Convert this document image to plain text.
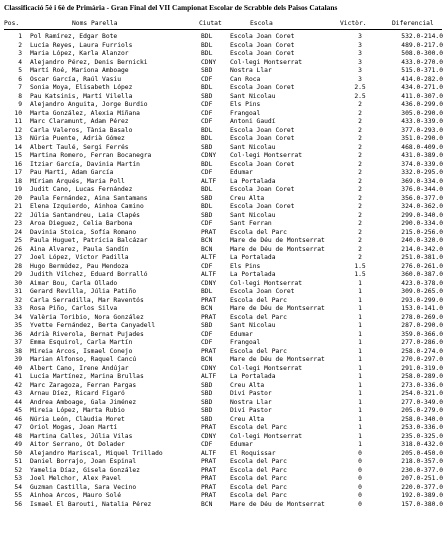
Classificació 5è i 6è de Primària - Gran Final del VII Campionat Escolar de Scrabble dels Països Catalans
Pos.	Noms Parella	Ciutat	Escola	Victòr.	Diferencial
1 Pol Ramírez, Edgar Bote	BDL	Escola Joan Coret	3	532.0-214.0
2 Lucía Reyes, Laura Furriols	BDL	Escola Joan Coret	3	489.0-217.0
3 Maria López, Karla Alanzor	BDL	Escola Joan Coret	3	508.0-300.0
4 Alejandro Pérez, Denis Bernicki	CDNY	Col·legi Montserrat	3	433.0-270.0
5 Martí Roé, Mariona Amboage	SBD	Nostra Llar	3	515.0-371.0
6 Òscar García, Raúl Vasiu	CDF	Can Roca	3	414.0-282.0
7 Sonia Moya, Elisabeth López	BDL	Escola Joan Coret	2.5	434.0-271.0
8 Pau Katsinis, Martí Vilella	SBD	Sant Nicolau	2.5	411.0-307.0
9 Alejandro Anguita, Jorge Burdio	CDF	Els Pins	2	436.0-299.0
10 Marta González, Alexia Miñana	CDF	Frangoal	2	305.0-290.0
11 Marc Claramunt, Adam Pérez	CDF	Antoni Gaudí	2	433.0-339.0
12 Carla Valeros, Tània Basalo	BDL	Escola Joan Coret	2	377.0-293.0
13 Núria Puente, Adrià Gómez	BDL	Escola Joan Coret	2	351.0-290.0
14 Albert Taulé, Sergi Ferrés	SBD	Sant Nicolau	2	468.0-409.0
15 Martina Romero, Ferran Bocanegra	CDNY	Col·legi Montserrat	2	431.0-389.0
16 Itziar García, Davinia Martín	BDL	Escola Joan Coret	2	374.0-339.0
17 Pau Martí, Adam García	CDF	Edumar	2	332.0-295.0
18 Míriam Arqués, Maria Poll	ALTF	La Portalada	2	369.0-334.0
19 Judit Cano, Lucas Fernández	BDL	Escola Joan Coret	2	376.0-344.0
20 Paula Fernández, Aina Santamans	SBD	Creu Alta	2	356.0-377.0
21 Elena Izquierdo, Ainhoa Camino	BDL	Escola Joan Coret	2	324.0-362.0
22 Júlia Santandreu, Laia Clapés	SBD	Sant Nicolau	2	299.0-340.0
23 Aroa Dieguez, Celia Barbona	CDF	Sant Ferran	2	290.0-334.0
24 Davinia Stoica, Sofía Romano	PRAT	Escola del Parc	2	215.0-256.0
25 Paula Huguet, Patrícia Balcázar	BCN	Mare de Déu de Montserrat	2	240.0-320.0
26 Aina Àlvarez, Paula Sandín	BCN	Mare de Déu de Montserrat	2	214.0-342.0
27 Joel López, Víctor Padilla	ALTF	La Portalada	2	251.0-381.0
28 Hugo Bermúdez, Pau Mendoza	CDF	Els Pins	1.5	276.0-261.0
29 Judith Vílchez, Eduard Borralló	ALTF	La Portalada	1.5	360.0-387.0
30 Aimar Bou, Carla Ollado	CDNY	Col·legi Montserrat	1	423.0-378.0
31 Gerard Revilla, Júlia Patiño	BDL	Escola Joan Coret	1	309.0-265.0
32 Carla Serradilla, Mar Raventós	PRAT	Escola del Parc	1	293.0-299.0
33 Rosa Piño, Carlos Silva	BCN	Mare de Déu de Montserrat	1	153.0-141.0
34 Valèria Toribio, Nora González	PRAT	Escola del Parc	1	278.0-269.0
35 Yvette Fernández, Berta Canyadell	SBD	Sant Nicolau	1	287.0-290.0
36 Adrià Riverola, Bernat Pujades	CDF	Edumar	1	359.0-366.0
37 Emma Esquirol, Carla Martín	CDF	Frangoal	1	277.0-286.0
38 Mireia Arcos, Ismael Conejo	PRAT	Escola del Parc	1	258.0-274.0
39 Marian Alfonso, Raquel Cancú	BCN	Mare de Déu de Montserrat	1	270.0-297.0
40 Albert Cano, Irene Andújar	CDNY	Col·legi Montserrat	1	291.0-319.0
41 Lucía Martínez, Marina Brullas	ALTF	La Portalada	1	258.0-289.0
42 Marc Zaragoza, Ferran Pargas	SBD	Creu Alta	1	273.0-336.0
43 Arnau Díez, Ricard Figaró	SBD	Diví Pastor	1	254.0-321.0
44 Andrea Amboage, Gala Jiménez	SBD	Nostra Llar	1	277.0-349.0
45 Mireia López, Marta Rubio	SBD	Diví Pastor	1	205.0-279.0
46 Núria León, Clàudia Moret	SBD	Creu Alta	1	258.0-340.0
47 Oriol Mogas, Joan Martí	PRAT	Escola del Parc	1	253.0-336.0
48 Martina Calles, Júlia Vilas	CDNY	Col·legi Montserrat	1	235.0-325.0
49 Aitor Serrano, Ot Dolader	CDF	Edumar	1	318.0-432.0
50 Alejandro Mariscal, Miquel Trillado	ALTF	El Roquissar	0	205.0-450.0
51 Daniel Borrajo, Joan Espinal	PRAT	Escola del Parc	0	218.0-357.0
52 Yamelia Díaz, Gisela González	PRAT	Escola del Parc	0	230.0-377.0
53 Joel Melchor, Alex Pavel	PRAT	Escola del Parc	0	207.0-251.0
54 Guzman Castilla, Sara Vecino	PRAT	Escola del Parc	0	220.0-377.0
55 Ainhoa Arcos, Mauro Solé	PRAT	Escola del Parc	0	192.0-389.0
56 Ismael El Barouti, Natalia Pérez	BCN	Mare de Déu de Montserrat	0	157.0-380.0
